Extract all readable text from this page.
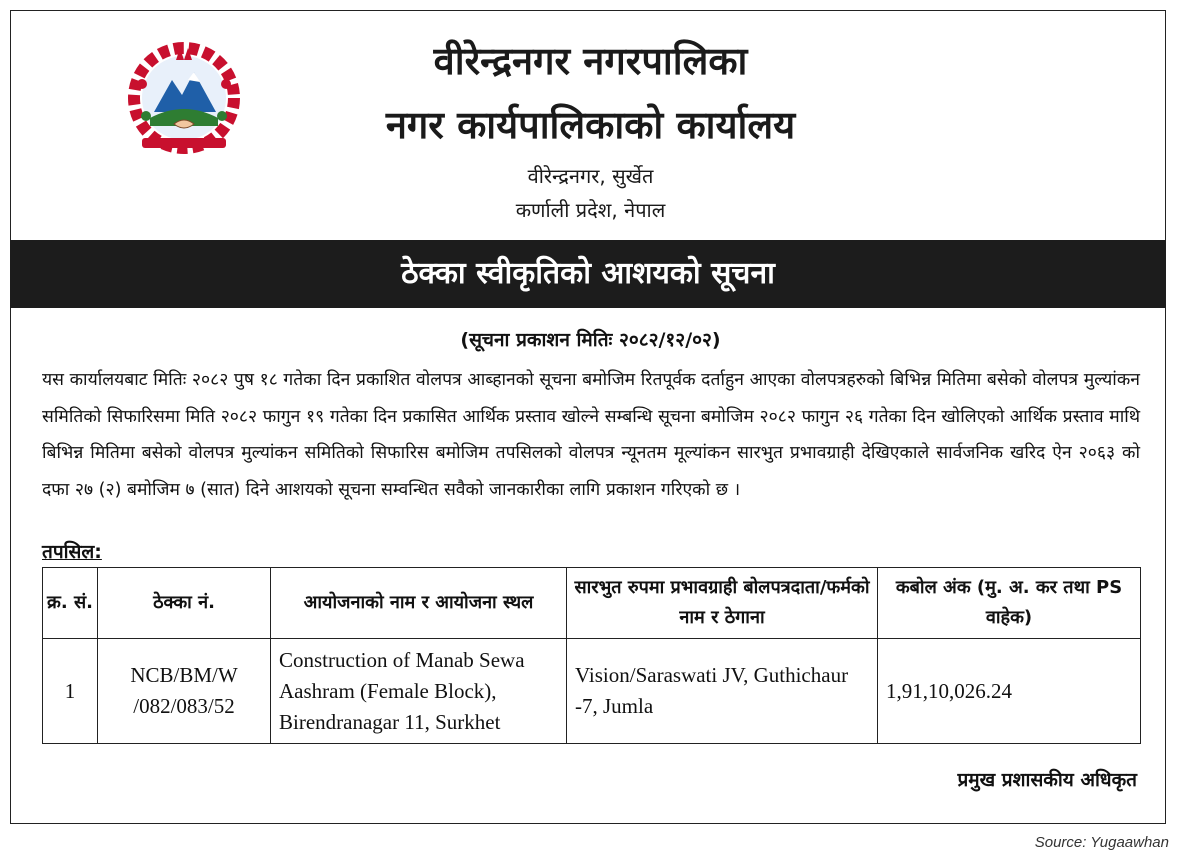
वीरेन्द्रनगर नगरपालिका
नगर कार्यपालिकाको कार्यालय
वीरेन्द्रनगर, सुर्खेत
कर्णाली प्रदेश, नेपाल
ठेक्का स्वीकृतिको आशयको सूचना
(सूचना प्रकाशन मितिः २०८२/१२/०२)
यस कार्यालयबाट मितिः २०८२ पुष १८ गतेका दिन प्रकाशित वोलपत्र आब्हानको सूचना बमोजिम रितपूर्वक दर्ताहुन आएका वोलपत्रहरुको बिभिन्न मितिमा बसेको वोलपत्र मुल्यांकन समितिको सिफारिसमा मिति २०८२ फागुन १९ गतेका दिन प्रकासित आर्थिक प्रस्ताव खोल्ने सम्बन्धि सूचना बमोजिम २०८२ फागुन २६ गतेका दिन खोलिएको आर्थिक प्रस्ताव माथि बिभिन्न मितिमा बसेको वोलपत्र मुल्यांकन समितिको सिफारिस बमोजिम तपसिलको वोलपत्र न्यूनतम मूल्यांकन सारभुत प्रभावग्राही देखिएकाले सार्वजनिक खरिद ऐन २०६३ को दफा २७ (२) बमोजिम ७ (सात) दिने आशयको सूचना सम्वन्धित सवैको जानकारीका लागि प्रकाशन गरिएको छ ।
तपसिल:
क्र. सं.	ठेक्का नं.	आयोजनाको नाम र आयोजना स्थल	सारभुत रुपमा प्रभावग्राही बोलपत्रदाता/फर्मको नाम र ठेगाना	कबोल अंक (मु. अ. कर तथा PS वाहेक)
1	NCB/BM/W /082/083/52	Construction of Manab Sewa Aashram (Female Block), Birendranagar 11, Surkhet	Vision/Saraswati JV, Guthichaur -7, Jumla	1,91,10,026.24
प्रमुख प्रशासकीय अधिकृत
Source: Yugaawhan
